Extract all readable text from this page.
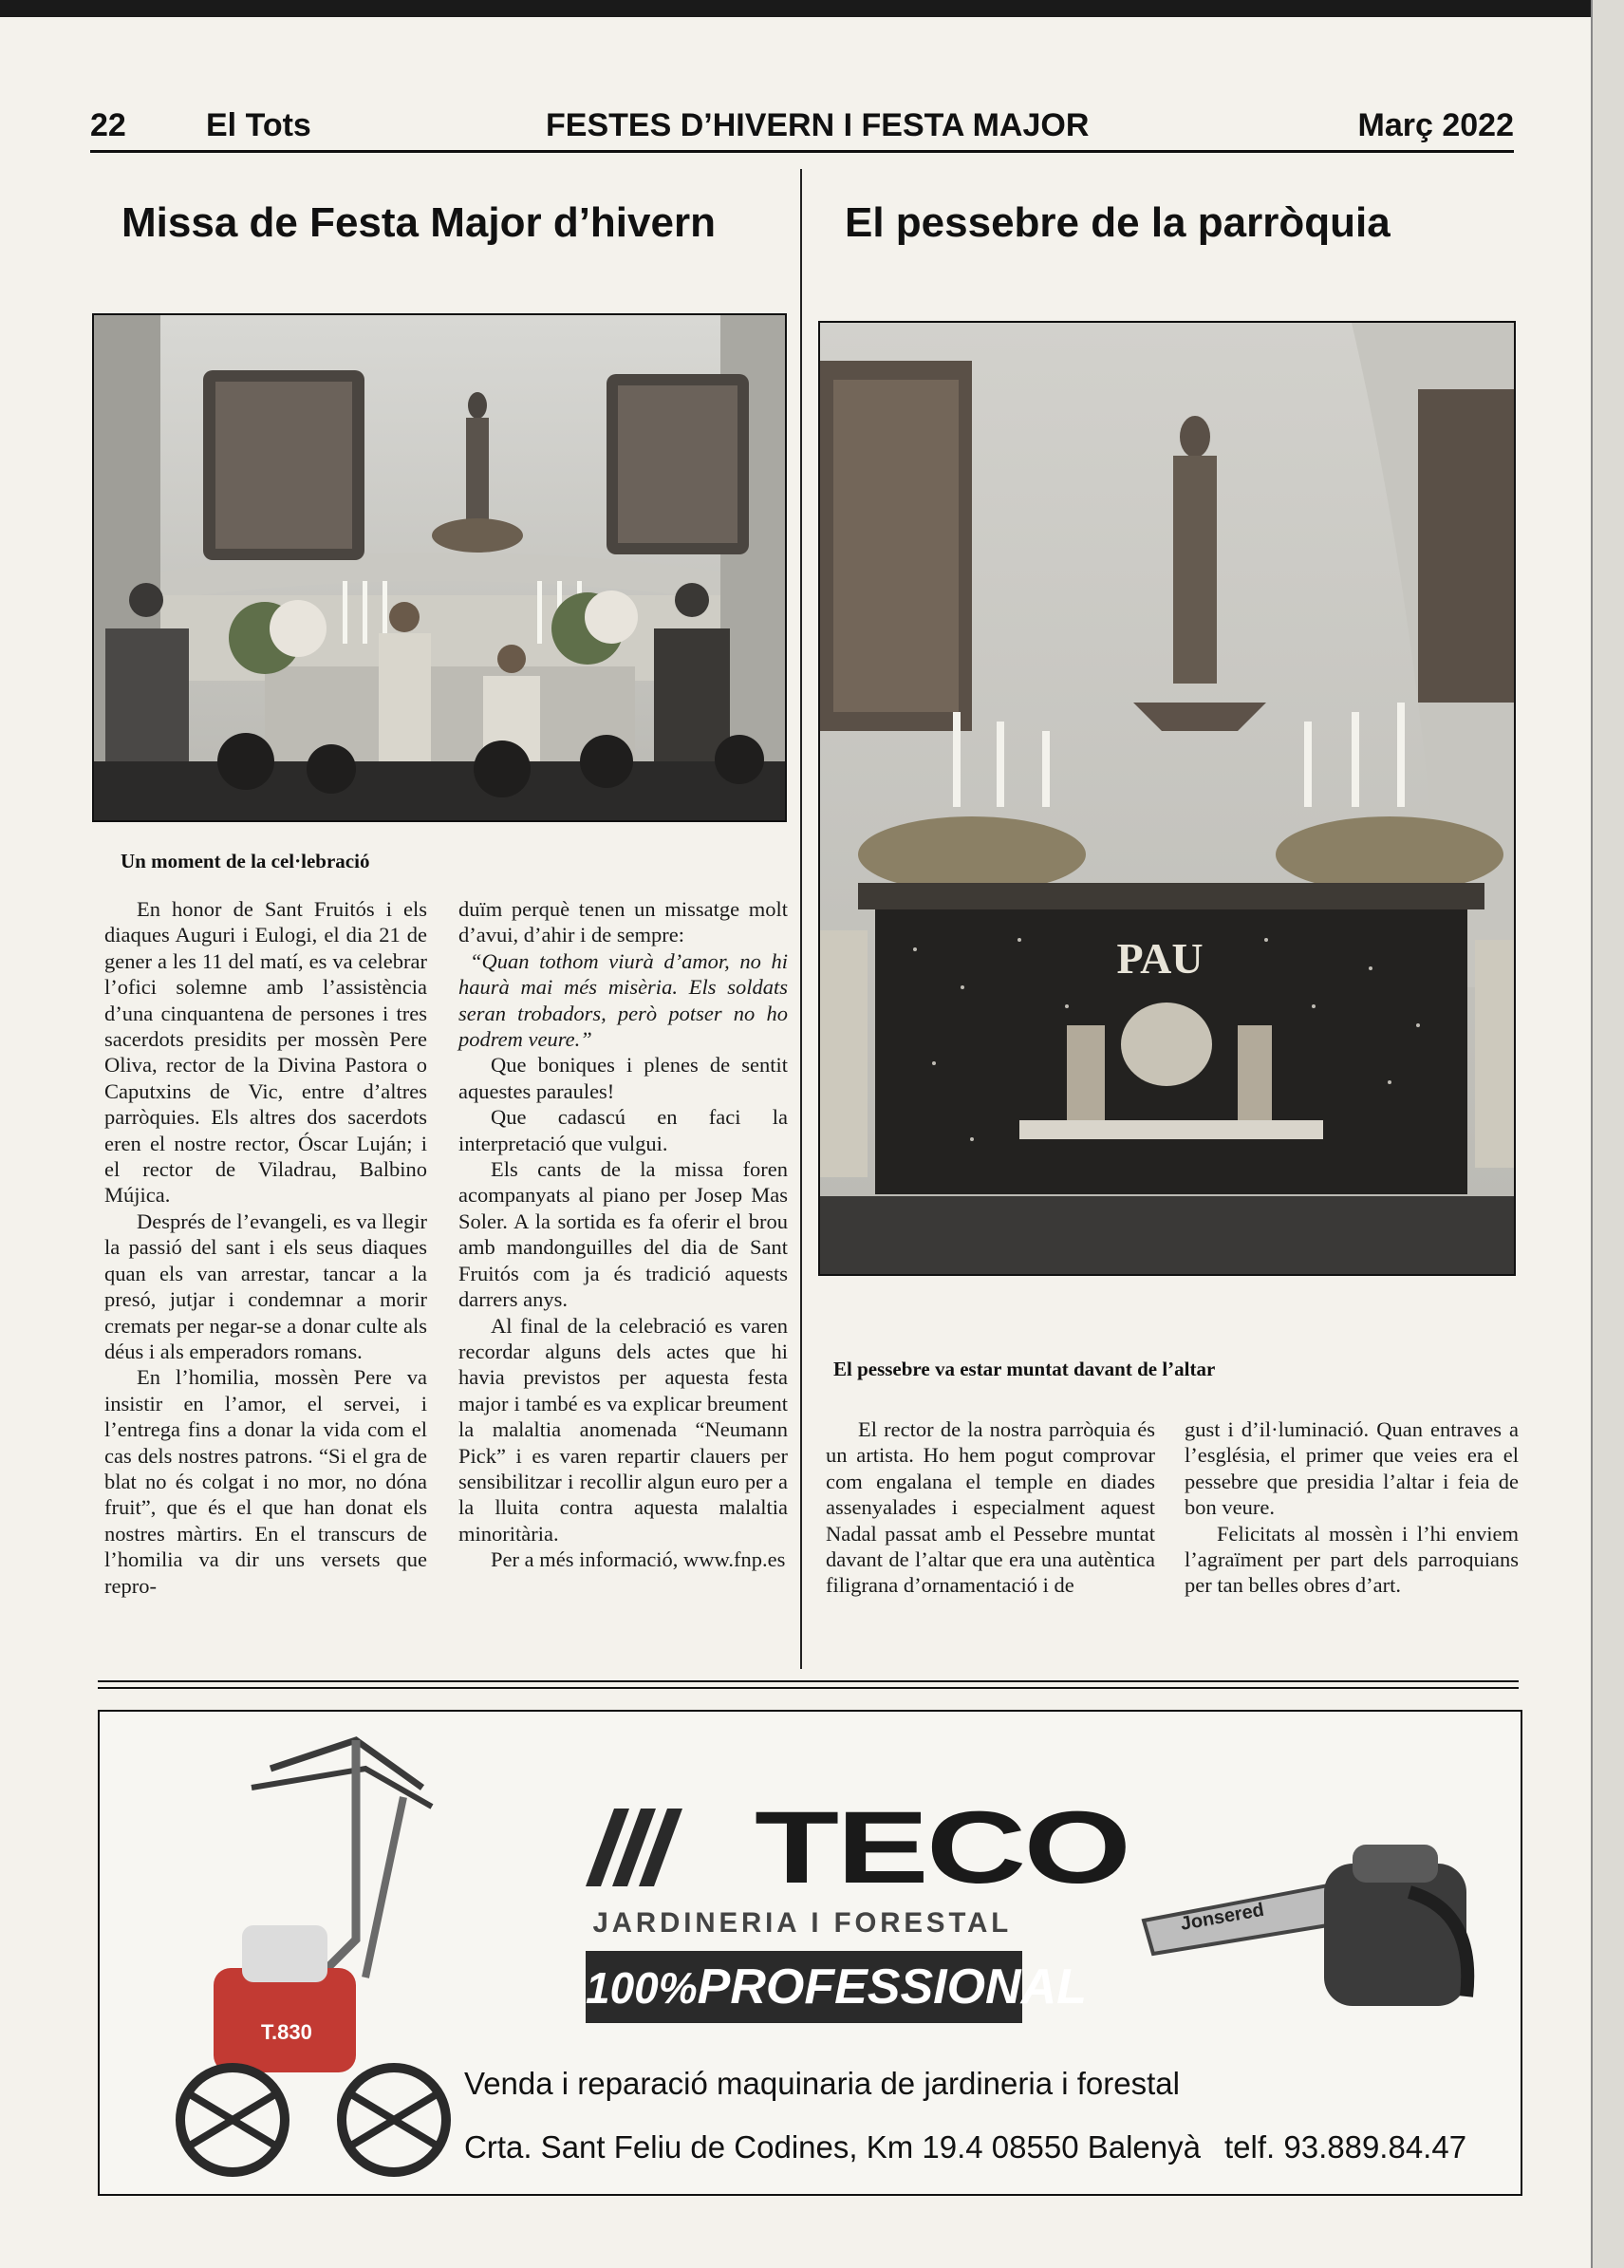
22 El Tots	FESTES D’HIVERN I FESTA MAJOR	Març 2022
Missa de Festa Major d’hivern
Un moment de la cel·lebració

En honor de Sant Fruitós i els diaques Auguri i Eulogi, el dia 21 de gener a les 11 del matí, es va celebrar l’ofici solemne amb l’assistència d’una cinquantena de persones i tres sacerdots presidits per mossèn Pere Oliva, rector de la Divina Pastora o Caputxins de Vic, entre d’altres parròquies. Els altres dos sacerdots eren el nostre rector, Óscar Luján; i el rector de Viladrau, Balbino Mújica.

Després de l’evangeli, es va llegir la passió del sant i els seus diaques quan els van arrestar, tancar a la presó, jutjar i condemnar a morir cremats per negar-se a donar culte als déus i als emperadors romans.

En l’homilia, mossèn Pere va insistir en l’amor, el servei, i l’entrega fins a donar la vida com el cas dels nostres patrons. “Si el gra de blat no és colgat i no mor, no dóna fruit”, que és el que han donat els nostres màrtirs. En el transcurs de l’homilia va dir uns versets que repro-

duïm perquè tenen un missatge molt d’avui, d’ahir i de sempre:

“Quan tothom viurà d’amor, no hi haurà mai més misèria. Els soldats seran trobadors, però potser no ho podrem veure.”

Que boniques i plenes de sentit aquestes paraules!

Que cadascú en faci la interpretació que vulgui.

Els cants de la missa foren acompanyats al piano per Josep Mas Soler. A la sortida es fa oferir el brou amb mandonguilles del dia de Sant Fruitós com ja és tradició aquests darrers anys.

Al final de la celebració es varen recordar alguns dels actes que hi havia previstos per aquesta festa major i també es va explicar breument la malaltia anomenada “Neumann Pick” i es varen repartir clauers per sensibilitzar i recollir algun euro per a la lluita contra aquesta malaltia minoritària.

Per a més informació, www.fnp.es

El pessebre de la parròquia
PAU
El pessebre va estar muntat davant de l’altar

El rector de la nostra parròquia és un artista. Ho hem pogut comprovar com engalana el temple en diades assenyalades i especialment aquest Nadal passat amb el Pessebre muntat davant de l’altar que era una autèntica filigrana d’ornamentació i de

gust i d’il·luminació. Quan entraves a l’església, el primer que veies era el pessebre que presidia l’altar i feia de bon veure.

Felicitats al mossèn i l’hi enviem l’agraïment per part dels parroquians per tan belles obres d’art.

T.830
TECO
JARDINERIA I FORESTAL
100%PROFESSIONAL
Jonsered
Venda i reparació maquinaria de jardineria i forestal
Crta. Sant Feliu de Codines, Km 19.4 08550 Balenyà telf. 93.889.84.47
